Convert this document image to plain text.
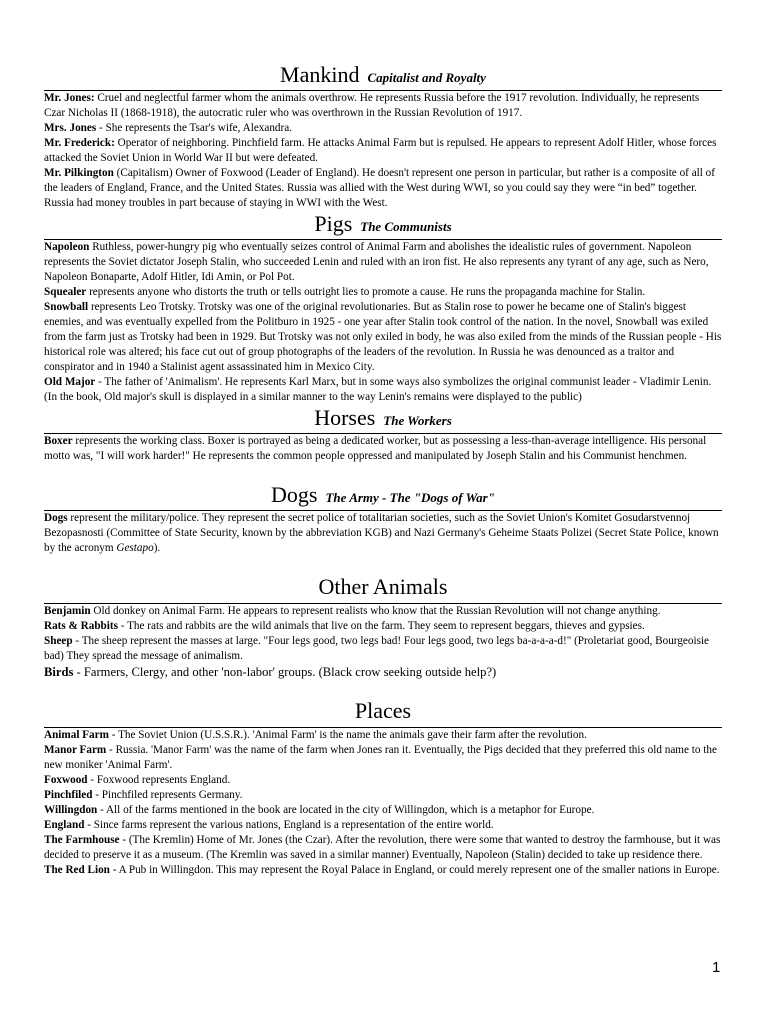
Mankind Capitalist and Royalty

Mr. Jones: Cruel and neglectful farmer whom the animals overthrow. He represents Russia before the 1917 revolution. Individually, he represents Czar Nicholas II (1868-1918), the autocratic ruler who was overthrown in the Russian Revolution of 1917.

Mrs. Jones - She represents the Tsar's wife, Alexandra.

Mr. Frederick: Operator of neighboring. Pinchfield farm. He attacks Animal Farm but is repulsed. He appears to represent Adolf Hitler, whose forces attacked the Soviet Union in World War II but were defeated.

Mr. Pilkington (Capitalism) Owner of Foxwood (Leader of England). He doesn't represent one person in particular, but rather is a composite of all of the leaders of England, France, and the United States. Russia was allied with the West during WWI, so you could say they were “in bed” together. Russia had money troubles in part because of staying in WWI with the West.

Pigs The Communists

Napoleon Ruthless, power-hungry pig who eventually seizes control of Animal Farm and abolishes the idealistic rules of government. Napoleon represents the Soviet dictator Joseph Stalin, who succeeded Lenin and ruled with an iron fist. He also represents any tyrant of any age, such as Nero, Napoleon Bonaparte, Adolf Hitler, Idi Amin, or Pol Pot.

Squealer represents anyone who distorts the truth or tells outright lies to promote a cause. He runs the propaganda machine for Stalin.

Snowball represents Leo Trotsky. Trotsky was one of the original revolutionaries. But as Stalin rose to power he became one of Stalin's biggest enemies, and was eventually expelled from the Politburo in 1925 - one year after Stalin took control of the nation. In the novel, Snowball was exiled from the farm just as Trotsky had been in 1929. But Trotsky was not only exiled in body, he was also exiled from the minds of the Russian people - His historical role was altered; his face cut out of group photographs of the leaders of the revolution. In Russia he was denounced as a traitor and conspirator and in 1940 a Stalinist agent assassinated him in Mexico City.

Old Major - The father of 'Animalism'. He represents Karl Marx, but in some ways also symbolizes the original communist leader - Vladimir Lenin. (In the book, Old major's skull is displayed in a similar manner to the way Lenin's remains were displayed to the public)

Horses The Workers

Boxer represents the working class. Boxer is portrayed as being a dedicated worker, but as possessing a less-than-average intelligence. His personal motto was, "I will work harder!" He represents the common people oppressed and manipulated by Joseph Stalin and his Communist henchmen.

Dogs The Army - The "Dogs of War"

Dogs represent the military/police. They represent the secret police of totalitarian societies, such as the Soviet Union's Komitet Gosudarstvennoj Bezopasnosti (Committee of State Security, known by the abbreviation KGB) and Nazi Germany's Geheime Staats Polizei (Secret State Police, known by the acronym Gestapo).

Other Animals

Benjamin Old donkey on Animal Farm. He appears to represent realists who know that the Russian Revolution will not change anything.

Rats & Rabbits - The rats and rabbits are the wild animals that live on the farm. They seem to represent beggars, thieves and gypsies.

Sheep - The sheep represent the masses at large. "Four legs good, two legs bad! Four legs good, two legs ba-a-a-a-d!" (Proletariat good, Bourgeoisie bad) They spread the message of animalism.

Birds - Farmers, Clergy, and other 'non-labor' groups. (Black crow seeking outside help?)

Places

Animal Farm - The Soviet Union (U.S.S.R.). 'Animal Farm' is the name the animals gave their farm after the revolution.

Manor Farm - Russia. 'Manor Farm' was the name of the farm when Jones ran it. Eventually, the Pigs decided that they preferred this old name to the new moniker 'Animal Farm'.

Foxwood - Foxwood represents England.

Pinchfiled - Pinchfiled represents Germany.

Willingdon - All of the farms mentioned in the book are located in the city of Willingdon, which is a metaphor for Europe.

England - Since farms represent the various nations, England is a representation of the entire world.

The Farmhouse - (The Kremlin) Home of Mr. Jones (the Czar). After the revolution, there were some that wanted to destroy the farmhouse, but it was decided to preserve it as a museum. (The Kremlin was saved in a similar manner) Eventually, Napoleon (Stalin) decided to take up residence there.

The Red Lion - A Pub in Willingdon. This may represent the Royal Palace in England, or could merely represent one of the smaller nations in Europe.

1
